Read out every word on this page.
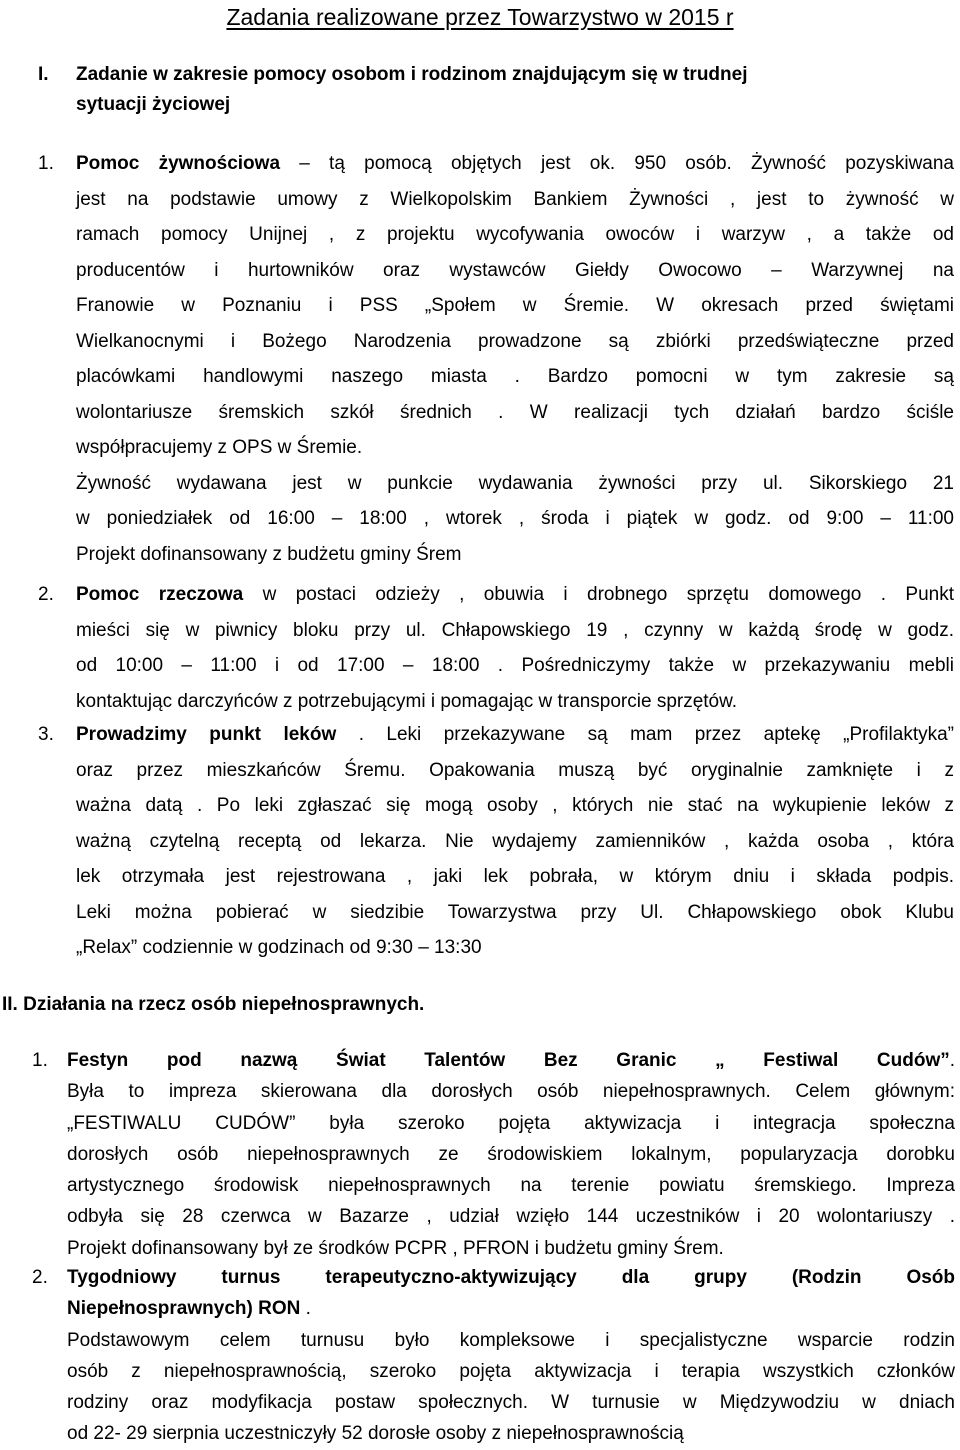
Zadania realizowane przez Towarzystwo w 2015 r
I.	Zadanie w zakresie pomocy osobom i rodzinom znajdującym się w trudnej
sytuacji życiowej
1. Pomoc żywnościowa – tą pomocą objętych jest ok. 950 osób. Żywność pozyskiwana
jest na podstawie umowy z Wielkopolskim Bankiem Żywności , jest to żywność w
ramach pomocy Unijnej , z projektu wycofywania owoców i warzyw , a także od
producentów i hurtowników oraz wystawców Giełdy Owocowo – Warzywnej na
Franowie w Poznaniu i PSS „Społem w Śremie. W okresach przed świętami
Wielkanocnymi i Bożego Narodzenia prowadzone są zbiórki przedświąteczne przed
placówkami handlowymi naszego miasta . Bardzo pomocni w tym zakresie są
wolontariusze śremskich szkół średnich . W realizacji tych działań bardzo ściśle
współpracujemy z OPS w Śremie.
Żywność wydawana jest w punkcie wydawania żywności przy ul. Sikorskiego 21
w poniedziałek od 16:00 – 18:00 , wtorek , środa i piątek w godz. od 9:00 – 11:00
Projekt dofinansowany z budżetu gminy Śrem
2. Pomoc rzeczowa w postaci odzieży , obuwia i drobnego sprzętu domowego . Punkt
mieści się w piwnicy bloku przy ul. Chłapowskiego 19 , czynny w każdą środę w godz.
od 10:00 – 11:00 i od 17:00 – 18:00 . Pośredniczymy także w przekazywaniu mebli
kontaktując darczyńców z potrzebującymi i pomagając w transporcie sprzętów.
3. Prowadzimy punkt leków . Leki przekazywane są mam przez aptekę „Profilaktyka”
oraz przez mieszkańców Śremu. Opakowania muszą być oryginalnie zamknięte i z
ważna datą . Po leki zgłaszać się mogą osoby , których nie stać na wykupienie leków z
ważną czytelną receptą od lekarza. Nie wydajemy zamienników , każda osoba , która
lek otrzymała jest rejestrowana , jaki lek pobrała, w którym dniu i składa podpis.
Leki można pobierać w siedzibie Towarzystwa przy Ul. Chłapowskiego obok Klubu
„Relax” codziennie w godzinach od 9:30 – 13:30
II. Działania na rzecz osób niepełnosprawnych.
1. Festyn pod nazwą Świat Talentów Bez Granic „ Festiwal Cudów”.
Była to impreza skierowana dla dorosłych osób niepełnosprawnych. Celem głównym:
„FESTIWALU CUDÓW” była szeroko pojęta aktywizacja i integracja społeczna
dorosłych osób niepełnosprawnych ze środowiskiem lokalnym, popularyzacja dorobku
artystycznego środowisk niepełnosprawnych na terenie powiatu śremskiego. Impreza
odbyła się 28 czerwca w Bazarze , udział wzięło 144 uczestników i 20 wolontariuszy .
Projekt dofinansowany był ze środków PCPR , PFRON i budżetu gminy Śrem.
2. Tygodniowy turnus terapeutyczno-aktywizujący dla grupy (Rodzin Osób
Niepełnosprawnych) RON .
Podstawowym celem turnusu było kompleksowe i specjalistyczne wsparcie rodzin
osób z niepełnosprawnością, szeroko pojęta aktywizacja i terapia wszystkich członków
rodziny oraz modyfikacja postaw społecznych. W turnusie w Międzywodziu w dniach
od 22- 29 sierpnia uczestniczyły 52 dorosłe osoby z niepełnosprawnością
